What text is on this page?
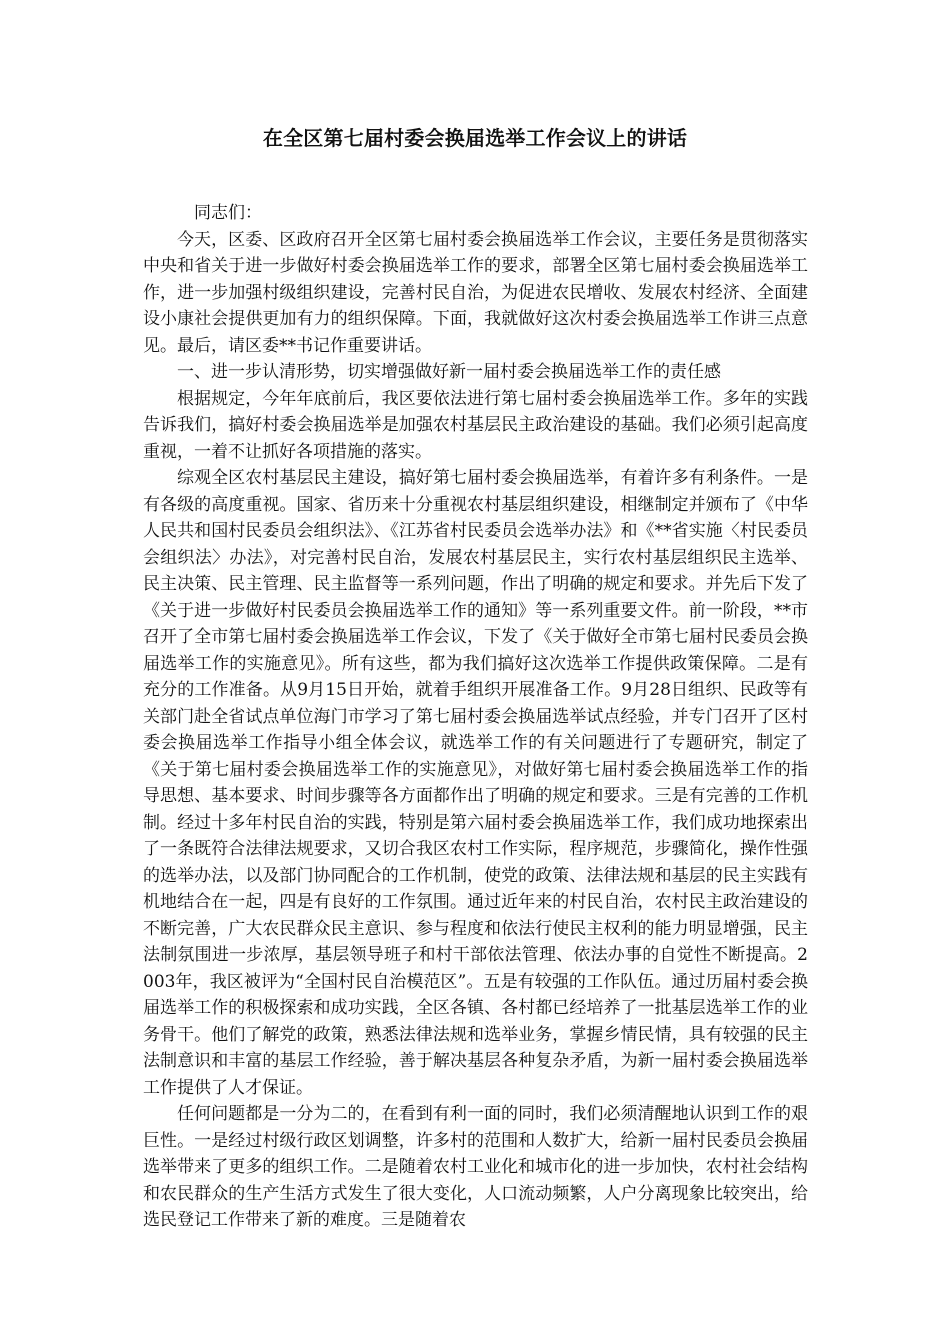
在全区第七届村委会换届选举工作会议上的讲话

同志们：

今天，区委、区政府召开全区第七届村委会换届选举工作会议，主要任务是贯彻落实中央和省关于进一步做好村委会换届选举工作的要求，部署全区第七届村委会换届选举工作，进一步加强村级组织建设，完善村民自治，为促进农民增收、发展农村经济、全面建设小康社会提供更加有力的组织保障。下面，我就做好这次村委会换届选举工作讲三点意见。最后，请区委**书记作重要讲话。

一、进一步认清形势，切实增强做好新一届村委会换届选举工作的责任感

根据规定，今年年底前后，我区要依法进行第七届村委会换届选举工作。多年的实践告诉我们，搞好村委会换届选举是加强农村基层民主政治建设的基础。我们必须引起高度重视，一着不让抓好各项措施的落实。

综观全区农村基层民主建设，搞好第七届村委会换届选举，有着许多有利条件。一是有各级的高度重视。国家、省历来十分重视农村基层组织建设，相继制定并颁布了《中华人民共和国村民委员会组织法》、《江苏省村民委员会选举办法》和《**省实施〈村民委员会组织法〉办法》，对完善村民自治，发展农村基层民主，实行农村基层组织民主选举、民主决策、民主管理、民主监督等一系列问题，作出了明确的规定和要求。并先后下发了《关于进一步做好村民委员会换届选举工作的通知》等一系列重要文件。前一阶段，**市召开了全市第七届村委会换届选举工作会议，下发了《关于做好全市第七届村民委员会换届选举工作的实施意见》。所有这些，都为我们搞好这次选举工作提供政策保障。二是有充分的工作准备。从9月15日开始，就着手组织开展准备工作。9月28日组织、民政等有关部门赴全省试点单位海门市学习了第七届村委会换届选举试点经验，并专门召开了区村委会换届选举工作指导小组全体会议，就选举工作的有关问题进行了专题研究，制定了《关于第七届村委会换届选举工作的实施意见》，对做好第七届村委会换届选举工作的指导思想、基本要求、时间步骤等各方面都作出了明确的规定和要求。三是有完善的工作机制。经过十多年村民自治的实践，特别是第六届村委会换届选举工作，我们成功地探索出了一条既符合法律法规要求，又切合我区农村工作实际，程序规范，步骤简化，操作性强的选举办法，以及部门协同配合的工作机制，使党的政策、法律法规和基层的民主实践有机地结合在一起，四是有良好的工作氛围。通过近年来的村民自治，农村民主政治建设的不断完善，广大农民群众民主意识、参与程度和依法行使民主权利的能力明显增强，民主法制氛围进一步浓厚，基层领导班子和村干部依法管理、依法办事的自觉性不断提高。2003年，我区被评为“全国村民自治模范区”。五是有较强的工作队伍。通过历届村委会换届选举工作的积极探索和成功实践，全区各镇、各村都已经培养了一批基层选举工作的业务骨干。他们了解党的政策，熟悉法律法规和选举业务，掌握乡情民情，具有较强的民主法制意识和丰富的基层工作经验，善于解决基层各种复杂矛盾，为新一届村委会换届选举工作提供了人才保证。

任何问题都是一分为二的，在看到有利一面的同时，我们必须清醒地认识到工作的艰巨性。一是经过村级行政区划调整，许多村的范围和人数扩大，给新一届村民委员会换届选举带来了更多的组织工作。二是随着农村工业化和城市化的进一步加快，农村社会结构和农民群众的生产生活方式发生了很大变化，人口流动频繁，人户分离现象比较突出，给选民登记工作带来了新的难度。三是随着农
